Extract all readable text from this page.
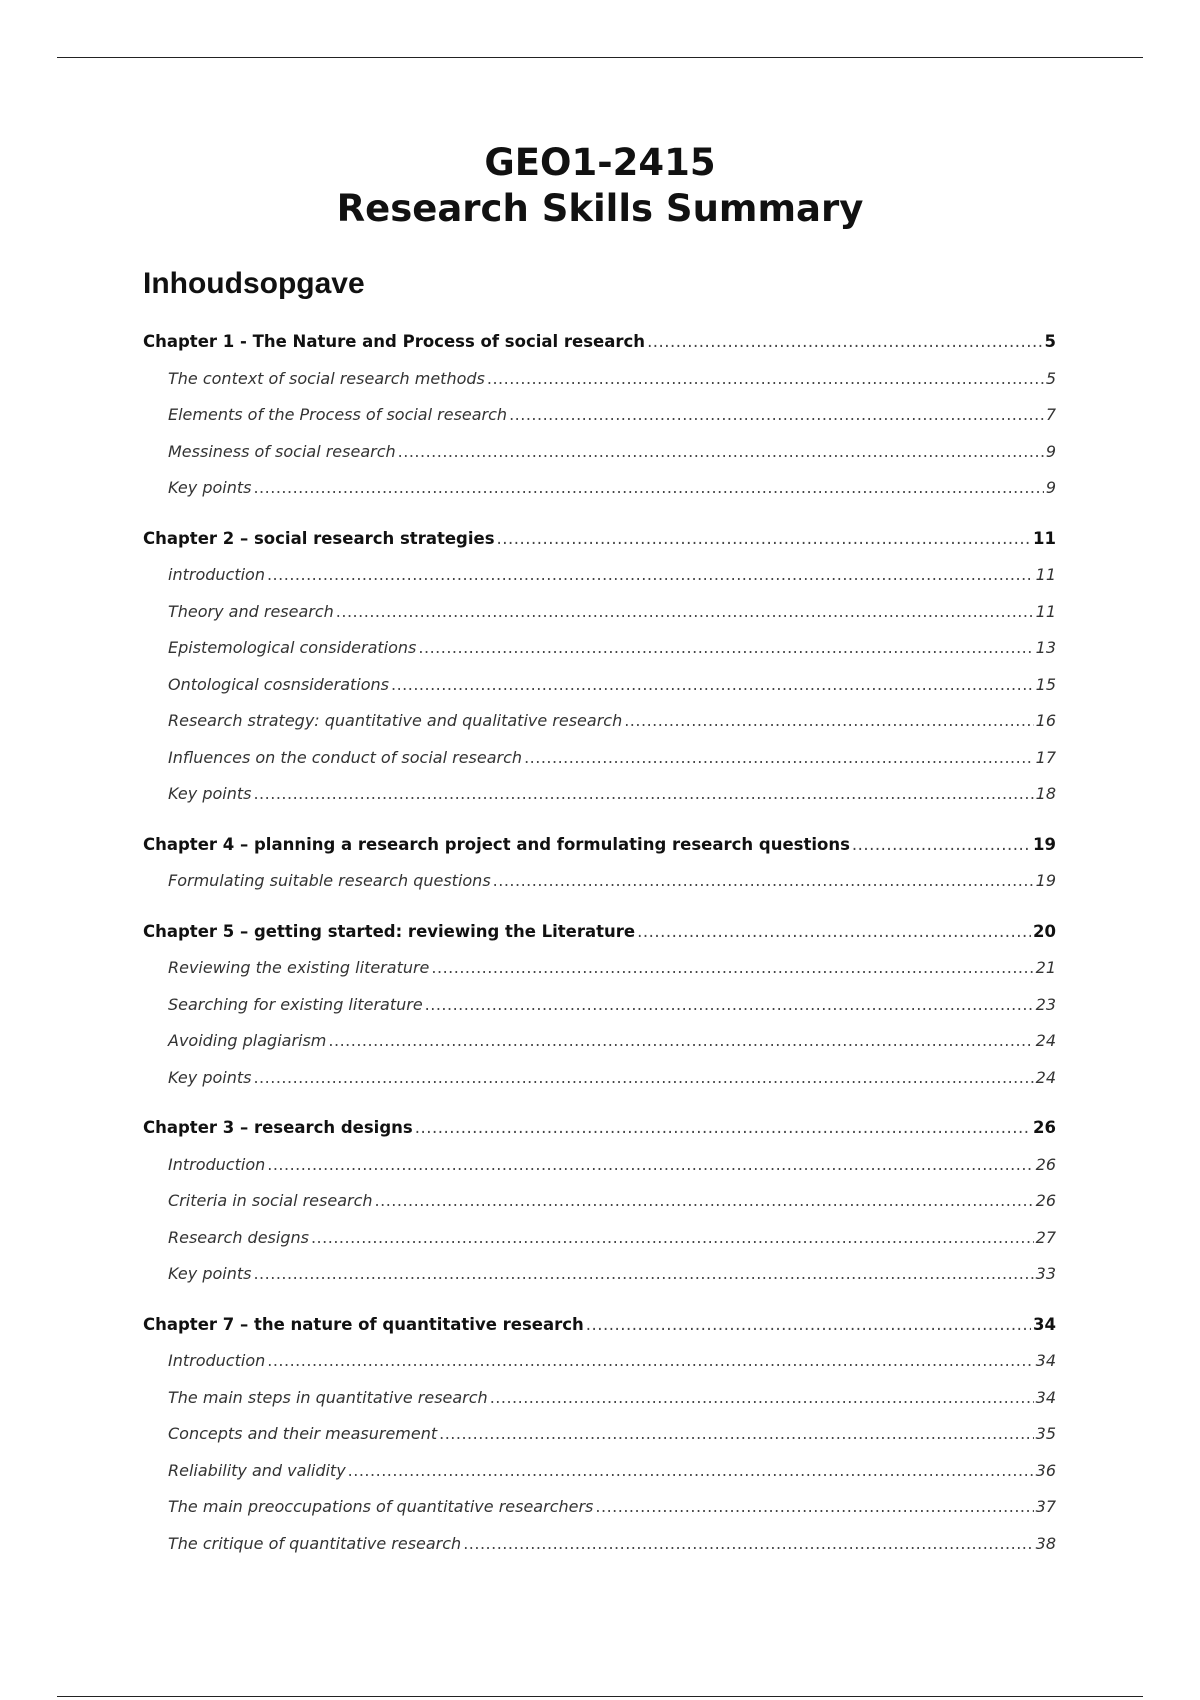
GEO1-2415
Research Skills Summary
Inhoudsopgave
Chapter 1 - The Nature and Process of social research .....	5
The context of social research methods .....	5
Elements of the Process of social research .....	7
Messiness of social research .....	9
Key points .....	9
Chapter 2 – social research strategies .....	11
introduction .....	11
Theory and research .....	11
Epistemological considerations .....	13
Ontological cosnsiderations .....	15
Research strategy: quantitative and qualitative research .....	16
Influences on the conduct of social research .....	17
Key points .....	18
Chapter 4 – planning a research project and formulating research questions .....	19
Formulating suitable research questions .....	19
Chapter 5 – getting started: reviewing the Literature .....	20
Reviewing the existing literature .....	21
Searching for existing literature .....	23
Avoiding plagiarism .....	24
Key points .....	24
Chapter 3 – research designs .....	26
Introduction .....	26
Criteria in social research .....	26
Research designs .....	27
Key points .....	33
Chapter 7 – the nature of quantitative research .....	34
Introduction .....	34
The main steps in quantitative research .....	34
Concepts and their measurement .....	35
Reliability and validity .....	36
The main preoccupations of quantitative researchers .....	37
The critique of quantitative research .....	38
